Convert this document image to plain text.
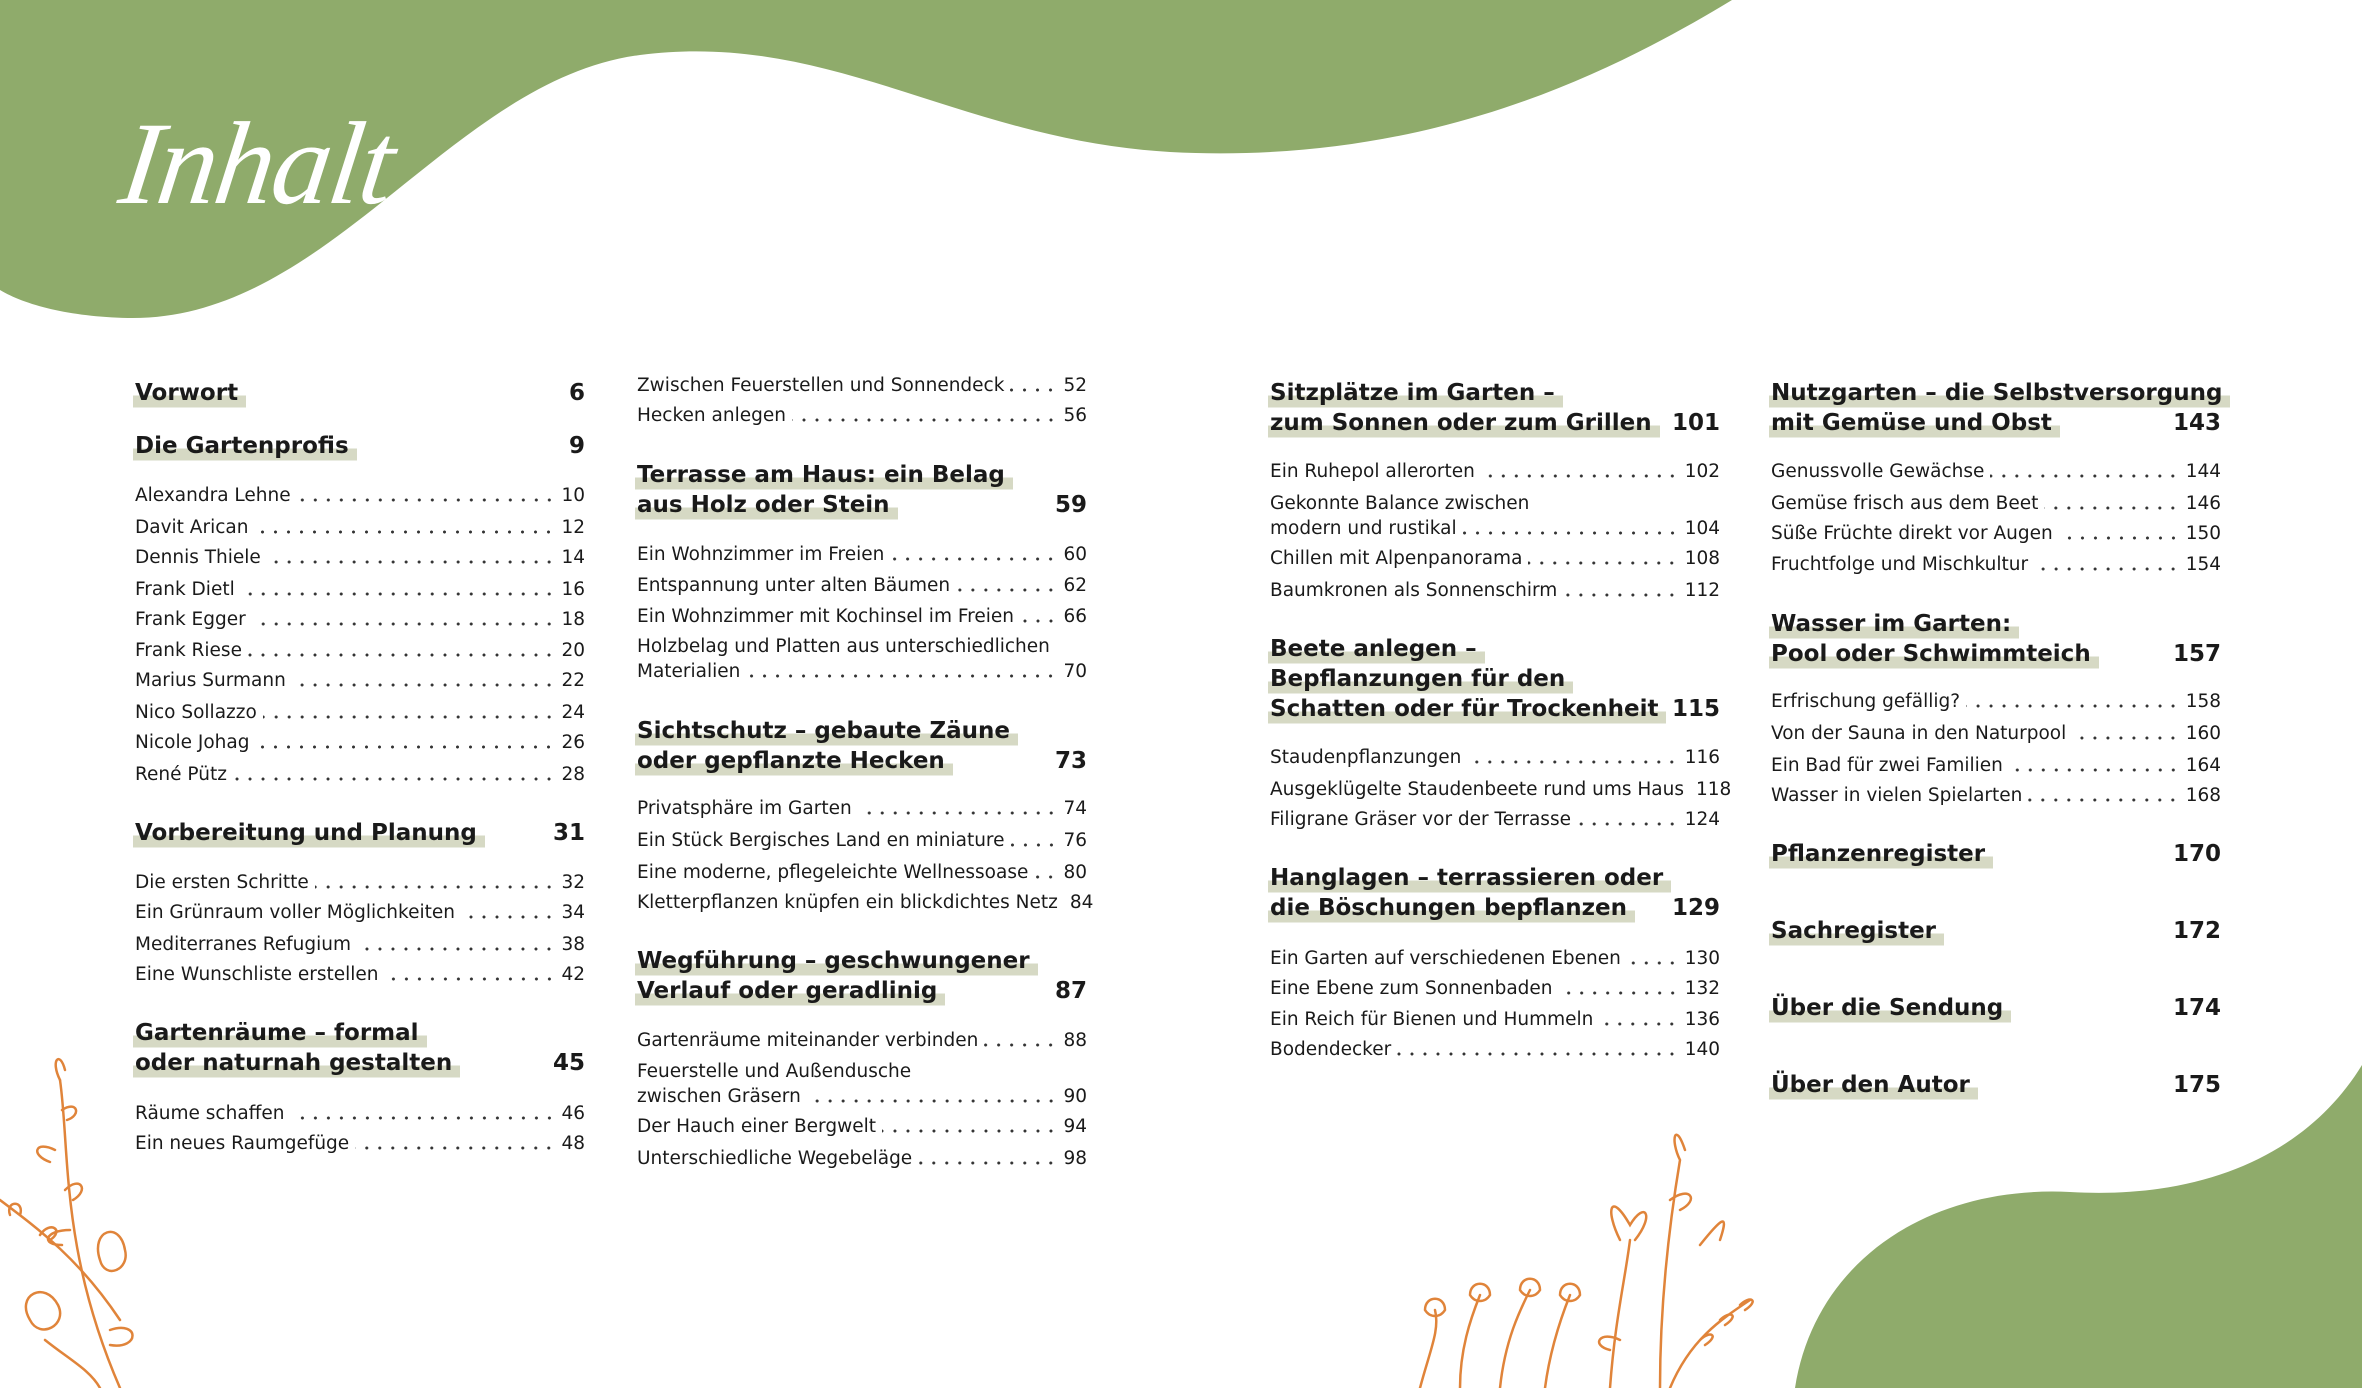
Inhalt
Vorwort	6
Die Gartenprofis	9
Alexandra Lehne	10
Davit Arican	12
Dennis Thiele	14
Frank Dietl	16
Frank Egger	18
Frank Riese	20
Marius Surmann	22
Nico Sollazzo	24
Nicole Johag	26
René Pütz	28
Vorbereitung und Planung	31
Die ersten Schritte	32
Ein Grünraum voller Möglichkeiten	34
Mediterranes Refugium	38
Eine Wunschliste erstellen	42
Gartenräume – formal
oder naturnah gestalten	45
Räume schaffen	46
Ein neues Raumgefüge	48
Zwischen Feuerstellen und Sonnendeck	52
Hecken anlegen	56
Terrasse am Haus: ein Belag
aus Holz oder Stein	59
Ein Wohnzimmer im Freien	60
Entspannung unter alten Bäumen	62
Ein Wohnzimmer mit Kochinsel im Freien	66
Holzbelag und Platten aus unterschiedlichen
Materialien	70
Sichtschutz – gebaute Zäune
oder gepflanzte Hecken	73
Privatsphäre im Garten	74
Ein Stück Bergisches Land en miniature	76
Eine moderne, pflegeleichte Wellnessoase 80
Kletterpflanzen knüpfen ein blickdichtes Netz 84
Wegführung – geschwungener
Verlauf oder geradlinig	87
Gartenräume miteinander verbinden	88
Feuerstelle und Außendusche
zwischen Gräsern	90
Der Hauch einer Bergwelt	94
Unterschiedliche Wegebeläge	98
Sitzplätze im Garten –
zum Sonnen oder zum Grillen 101
Ein Ruhepol allerorten	102
Gekonnte Balance zwischen
modern und rustikal	104
Chillen mit Alpenpanorama	108
Baumkronen als Sonnenschirm	112
Beete anlegen –
Bepflanzungen für den
Schatten oder für Trockenheit 115
Staudenpflanzungen	116
Ausgeklügelte Staudenbeete rund ums Haus 118
Filigrane Gräser vor der Terrasse	124
Hanglagen – terrassieren oder
die Böschungen bepflanzen	129
Ein Garten auf verschiedenen Ebenen	130
Eine Ebene zum Sonnenbaden	132
Ein Reich für Bienen und Hummeln	136
Bodendecker	140
Nutzgarten – die Selbstversorgung
mit Gemüse und Obst	143
Genussvolle Gewächse	144
Gemüse frisch aus dem Beet	146
Süße Früchte direkt vor Augen	150
Fruchtfolge und Mischkultur	154
Wasser im Garten:
Pool oder Schwimmteich	157
Erfrischung gefällig?	158
Von der Sauna in den Naturpool	160
Ein Bad für zwei Familien	164
Wasser in vielen Spielarten	168
Pflanzenregister	170
Sachregister	172
Über die Sendung	174
Über den Autor	175
